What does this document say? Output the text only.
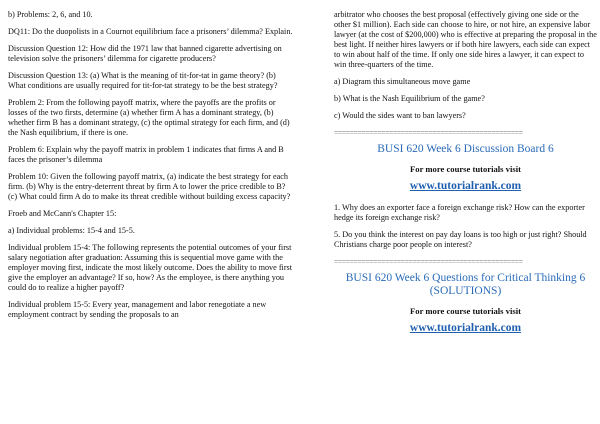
b) Problems: 2, 6, and 10.

DQ11: Do the duopolists in a Cournot equilibrium face a prisoners’ dilemma? Explain.

Discussion Question 12: How did the 1971 law that banned cigarette advertising on television solve the prisoners’ dilemma for cigarette producers?

Discussion Question 13: (a) What is the meaning of tit-for-tat in game theory? (b) What conditions are usually required for tit-for-tat strategy to be the best strategy?

Problem 2: From the following payoff matrix, where the payoffs are the profits or losses of the two firsts, determine (a) whether firm A has a dominant strategy, (b) whether firm B has a dominant strategy, (c) the optimal strategy for each firm, and (d) the Nash equilibrium, if there is one.

Problem 6: Explain why the payoff matrix in problem 1 indicates that firms A and B faces the prisoner’s dilemma

Problem 10: Given the following payoff matrix, (a) indicate the best strategy for each firm. (b) Why is the entry-deterrent threat by firm A to lower the price credible to B? (c) What could firm A do to make its threat credible without building excess capacity?

Froeb and McCann's Chapter 15:

a) Individual problems: 15-4 and 15-5.

Individual problem 15-4: The following represents the potential outcomes of your first salary negotiation after graduation: Assuming this is sequential move game with the employer moving first, indicate the most likely outcome. Does the ability to move first give the employer an advantage? If so, how? As the employee, is there anything you could do to realize a higher payoff?

Individual problem 15-5: Every year, management and labor renegotiate a new employment contract by sending the proposals to an

arbitrator who chooses the best proposal (effectively giving one side or the other $1 million). Each side can choose to hire, or not hire, an expensive labor lawyer (at the cost of $200,000) who is effective at preparing the proposal in the best light. If neither hires lawyers or if both hire lawyers, each side can expect to win about half of the time. If only one side hires a lawyer, it can expect to win three-quarters of the time.

a) Diagram this simultaneous move game

b) What is the Nash Equilibrium of the game?

c) Would the sides want to ban lawyers?

================================================
BUSI 620 Week 6 Discussion Board 6
For more course tutorials visit
www.tutorialrank.com

1. Why does an exporter face a foreign exchange risk? How can the exporter hedge its foreign exchange risk?

5. Do you think the interest on pay day loans is too high or just right? Should Christians charge poor people on interest?

================================================
BUSI 620 Week 6 Questions for Critical Thinking 6 (SOLUTIONS)
For more course tutorials visit
www.tutorialrank.com
